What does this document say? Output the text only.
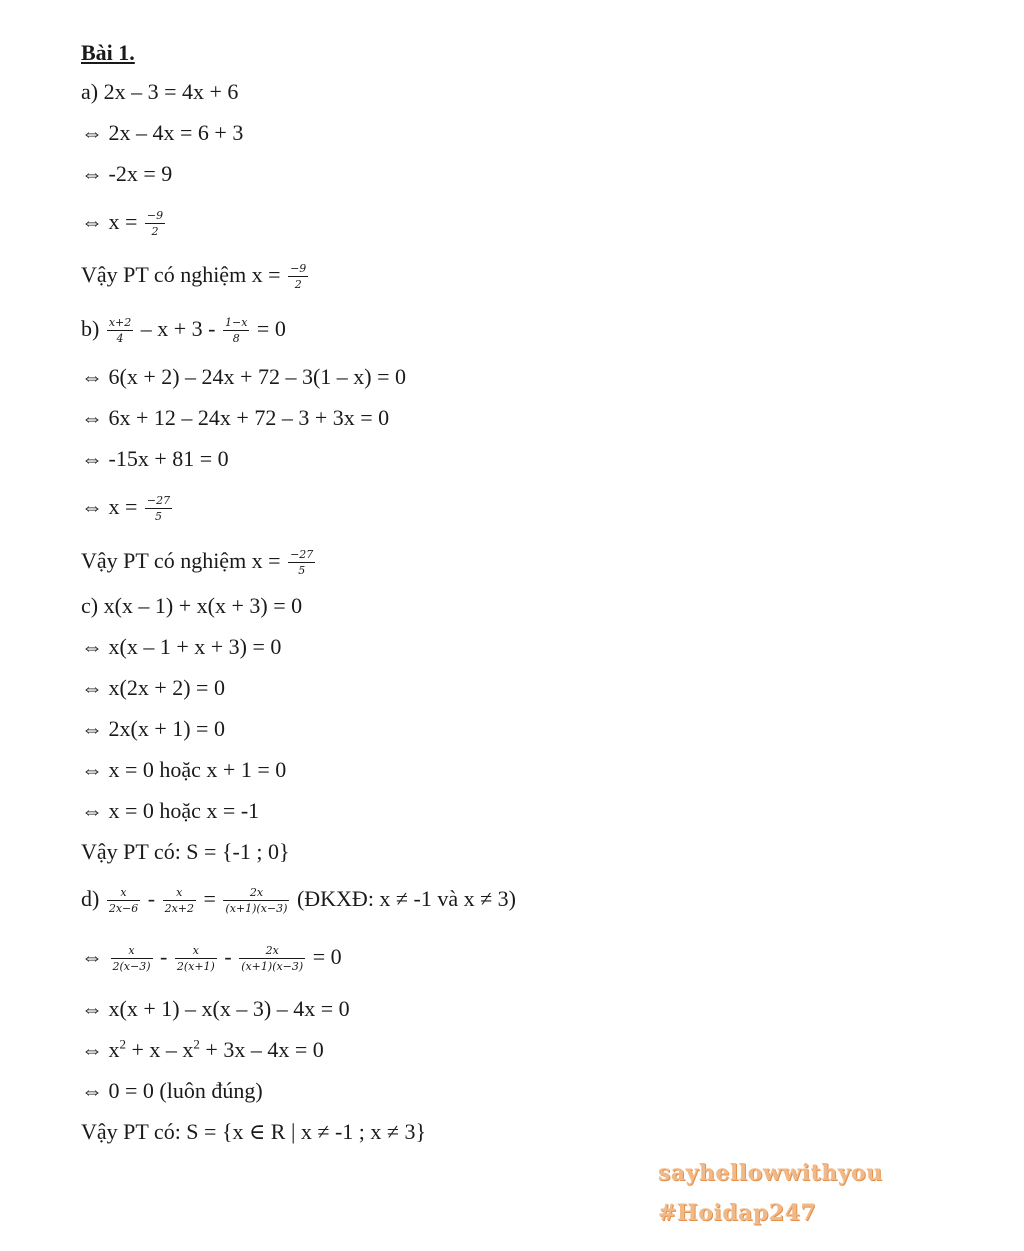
Bài 1.
a) 2x – 3 = 4x + 6
⇔ 2x – 4x = 6 + 3
⇔ -2x = 9
⇔ $x = \frac{-9}{2}$
Vậy PT có nghiệm $x = \frac{-9}{2}$
$b) \frac{x+2}{4} - x + 3 - \frac{1-x}{8} = 0$
⇔ 6(x + 2) – 24x + 72 – 3(1 – x) = 0
⇔ 6x + 12 – 24x + 72 – 3 + 3x = 0
⇔ -15x + 81 = 0
⇔ $x = \frac{-27}{5}$
Vậy PT có nghiệm $x = \frac{-27}{5}$
c) x(x – 1) + x(x + 3) = 0
⇔ x(x – 1 + x + 3) = 0
⇔ x(2x + 2) = 0
⇔ 2x(x + 1) = 0
⇔ x = 0 hoặc x + 1 = 0
⇔ x = 0 hoặc x = -1
Vậy PT có: S = {-1 ; 0}
$d) \frac{x}{2x-6} - \frac{x}{2x+2} = \frac{2x}{(x+1)(x-3)}$ (ĐKXĐ: x ≠ -1 và x ≠ 3)
⇔ $\frac{x}{2(x-3)} - \frac{x}{2(x+1)} - \frac{2x}{(x+1)(x-3)} = 0$
⇔ x(x + 1) – x(x – 3) – 4x = 0
⇔ $x^2 + x - x^2 + 3x - 4x = 0$
⇔ 0 = 0 (luôn đúng)
Vậy PT có: S = {x ∈ R | x ≠ -1 ; x ≠ 3}
sayhellowwithyou
#Hoidap247
